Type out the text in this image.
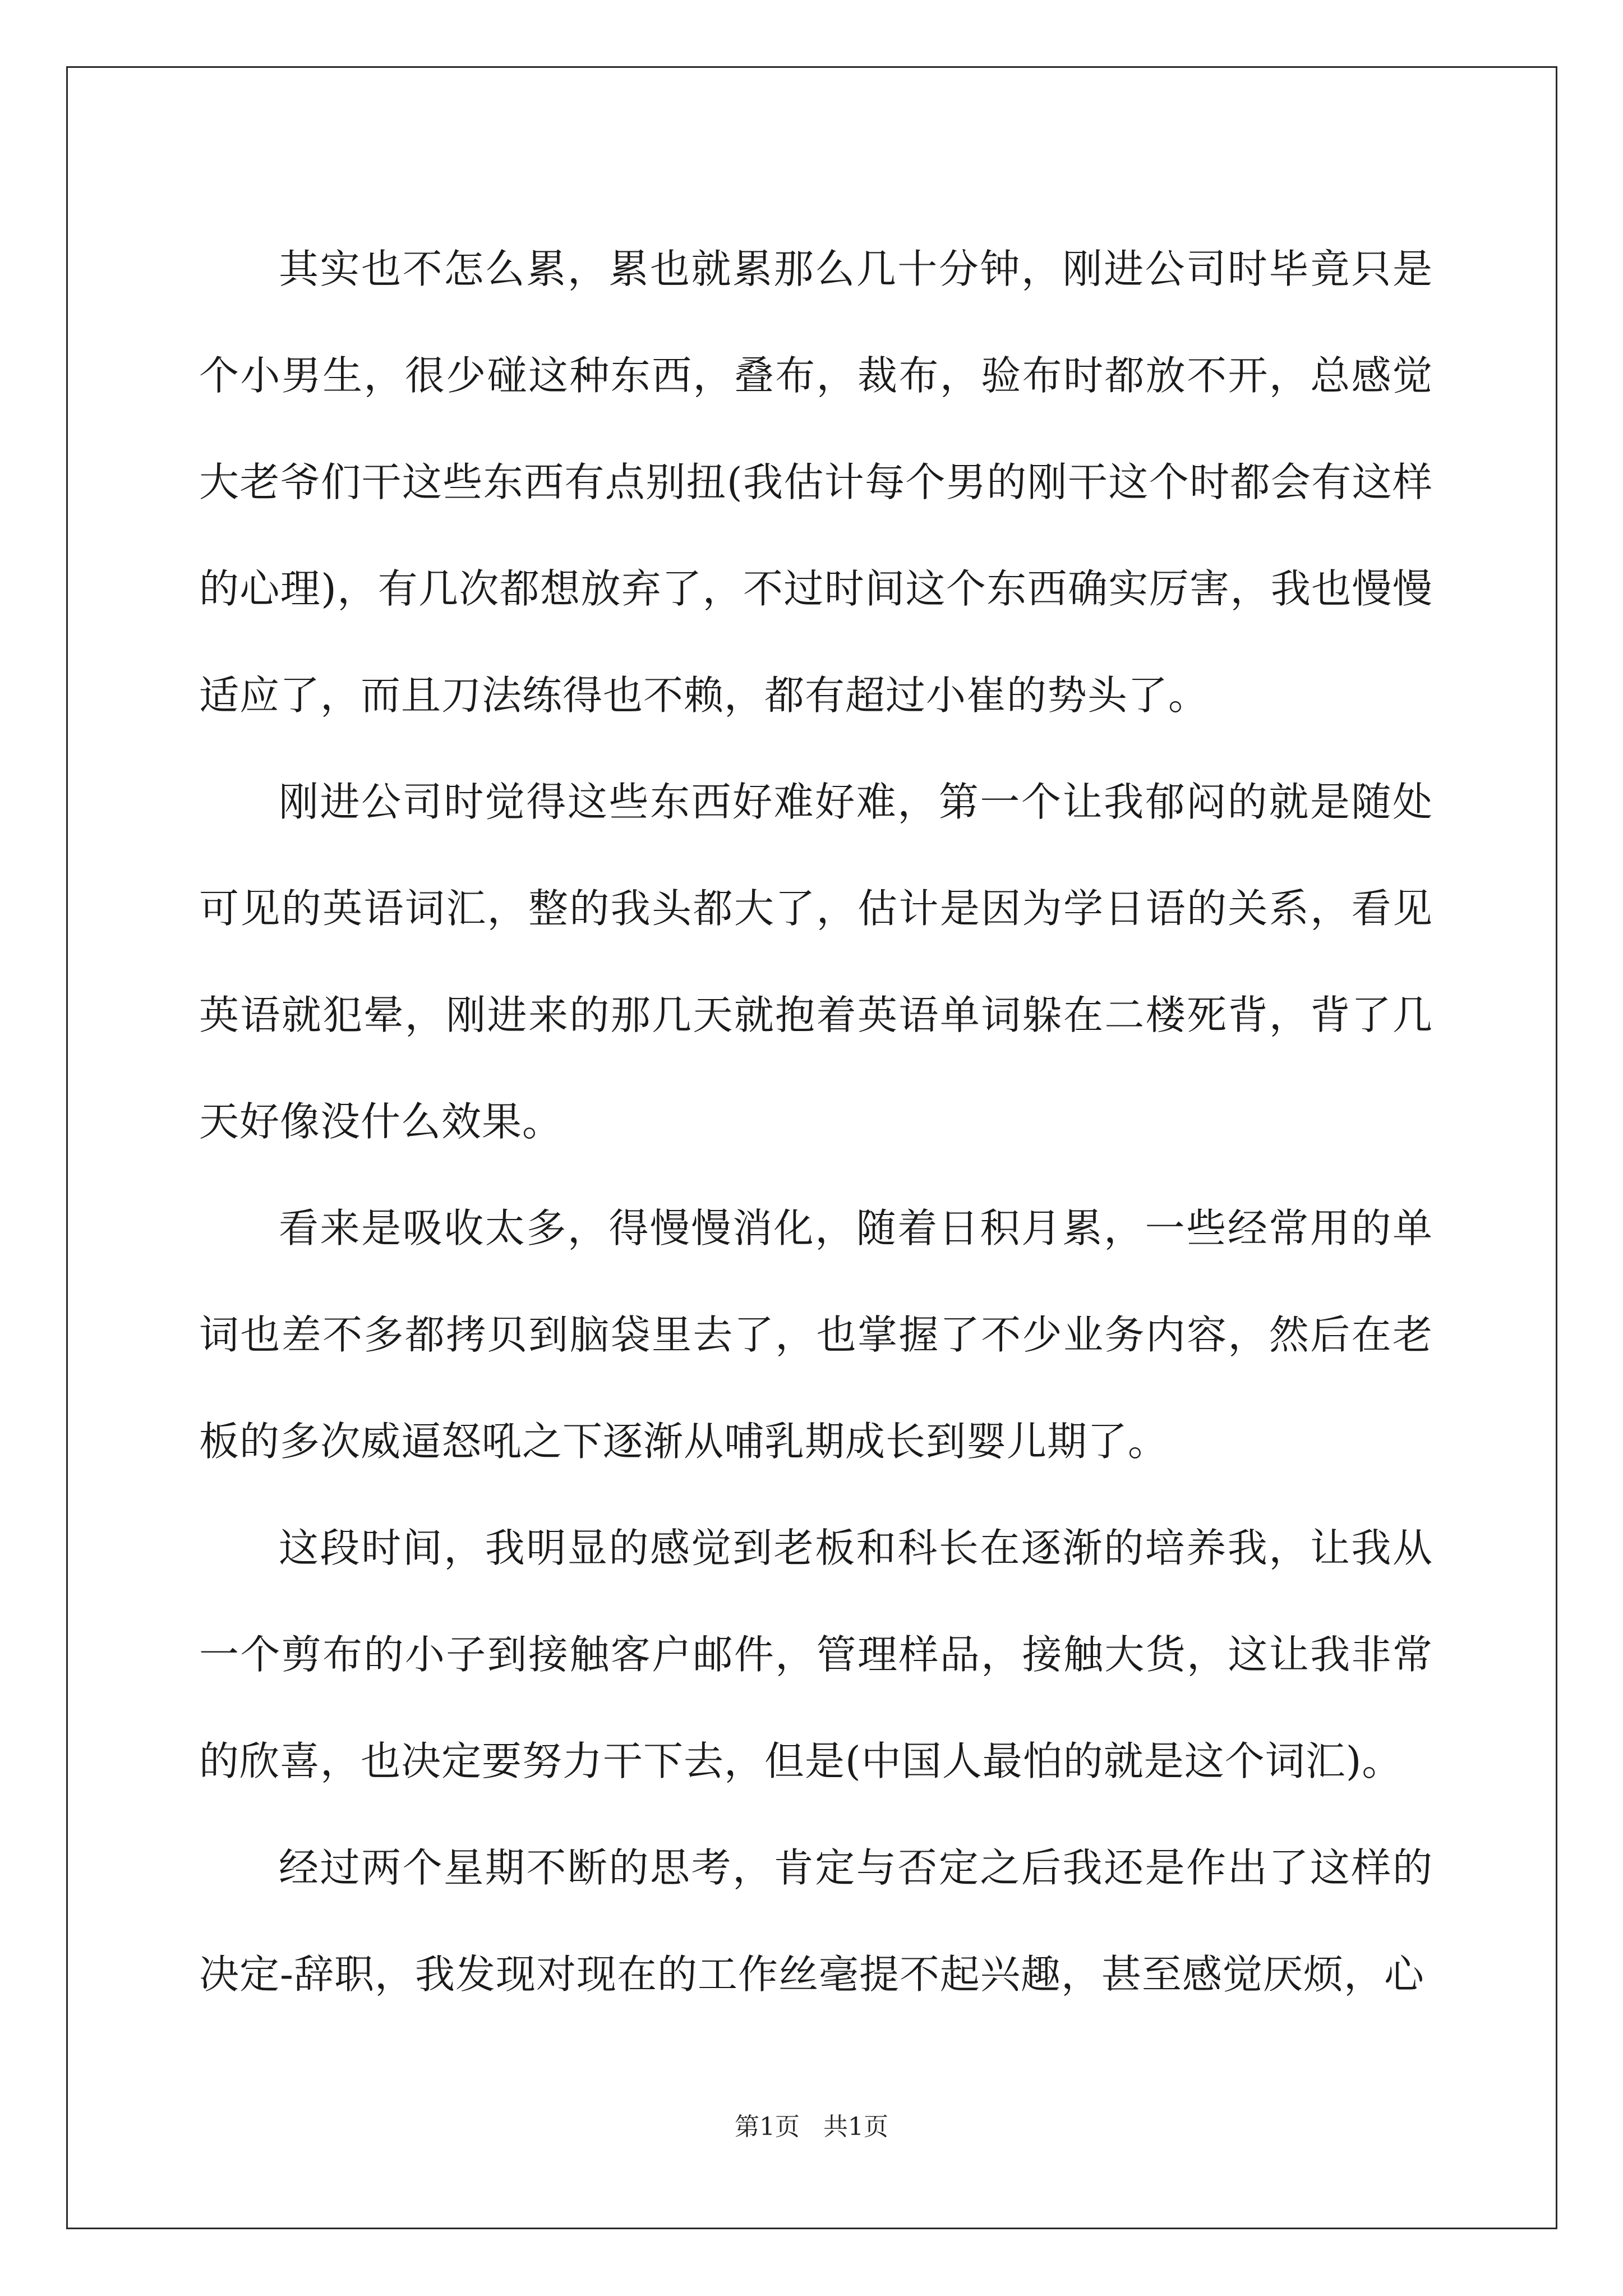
其实也不怎么累，累也就累那么几十分钟，刚进公司时毕竟只是个小男生，很少碰这种东西，叠布，裁布，验布时都放不开，总感觉大老爷们干这些东西有点别扭(我估计每个男的刚干这个时都会有这样的心理)，有几次都想放弃了，不过时间这个东西确实厉害，我也慢慢适应了，而且刀法练得也不赖，都有超过小崔的势头了。

刚进公司时觉得这些东西好难好难，第一个让我郁闷的就是随处可见的英语词汇，整的我头都大了，估计是因为学日语的关系，看见英语就犯晕，刚进来的那几天就抱着英语单词躲在二楼死背，背了几天好像没什么效果。

看来是吸收太多，得慢慢消化，随着日积月累，一些经常用的单词也差不多都拷贝到脑袋里去了，也掌握了不少业务内容，然后在老板的多次威逼怒吼之下逐渐从哺乳期成长到婴儿期了。

这段时间，我明显的感觉到老板和科长在逐渐的培养我，让我从一个剪布的小子到接触客户邮件，管理样品，接触大货，这让我非常的欣喜，也决定要努力干下去，但是(中国人最怕的就是这个词汇)。

经过两个星期不断的思考，肯定与否定之后我还是作出了这样的决定-辞职，我发现对现在的工作丝毫提不起兴趣，甚至感觉厌烦，心

第1页   共1页
